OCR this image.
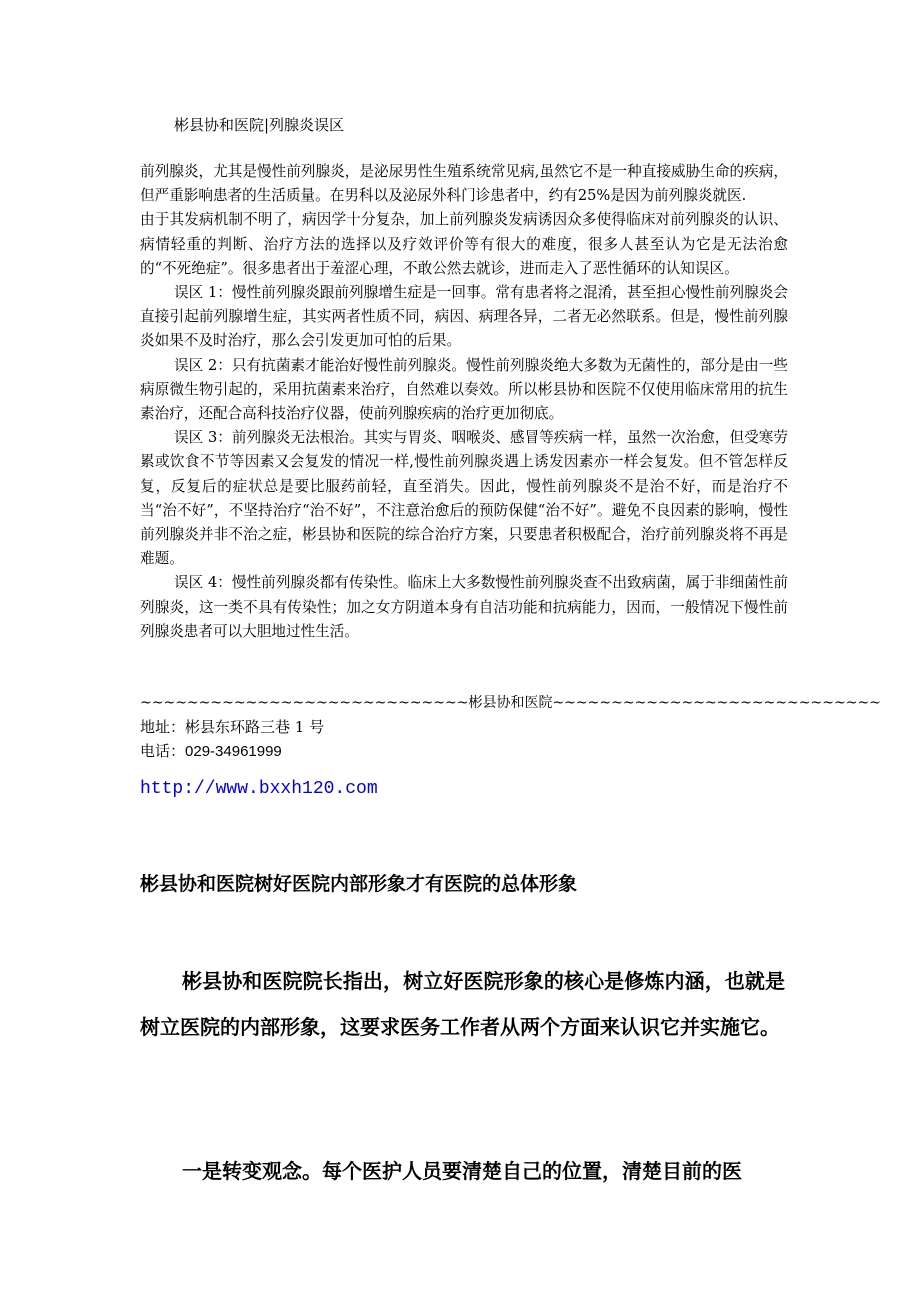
彬县协和医院|列腺炎误区

前列腺炎，尤其是慢性前列腺炎，是泌尿男性生殖系统常见病,虽然它不是一种直接威胁生命的疾病，但严重影响患者的生活质量。在男科以及泌尿外科门诊患者中，约有25%是因为前列腺炎就医.

由于其发病机制不明了，病因学十分复杂，加上前列腺炎发病诱因众多使得临床对前列腺炎的认识、病情轻重的判断、治疗方法的选择以及疗效评价等有很大的难度，很多人甚至认为它是无法治愈的“不死绝症”。很多患者出于羞涩心理，不敢公然去就诊，进而走入了恶性循环的认知误区。

误区 1：慢性前列腺炎跟前列腺增生症是一回事。常有患者将之混淆，甚至担心慢性前列腺炎会直接引起前列腺增生症，其实两者性质不同，病因、病理各异，二者无必然联系。但是，慢性前列腺炎如果不及时治疗，那么会引发更加可怕的后果。

误区 2：只有抗菌素才能治好慢性前列腺炎。慢性前列腺炎绝大多数为无菌性的，部分是由一些病原微生物引起的，采用抗菌素来治疗，自然难以奏效。所以彬县协和医院不仅使用临床常用的抗生素治疗，还配合高科技治疗仪器，使前列腺疾病的治疗更加彻底。

误区 3：前列腺炎无法根治。其实与胃炎、咽喉炎、感冒等疾病一样，虽然一次治愈，但受寒劳累或饮食不节等因素又会复发的情况一样,慢性前列腺炎遇上诱发因素亦一样会复发。但不管怎样反复，反复后的症状总是要比服药前轻，直至消失。因此，慢性前列腺炎不是治不好，而是治疗不当“治不好”，不坚持治疗“治不好”，不注意治愈后的预防保健“治不好”。避免不良因素的影响，慢性前列腺炎并非不治之症，彬县协和医院的综合治疗方案，只要患者积极配合，治疗前列腺炎将不再是难题。

误区 4：慢性前列腺炎都有传染性。临床上大多数慢性前列腺炎查不出致病菌，属于非细菌性前列腺炎，这一类不具有传染性；加之女方阴道本身有自洁功能和抗病能力，因而，一般情况下慢性前列腺炎患者可以大胆地过性生活。

~~~~~~~~~~~~~~~~~~~~~~~~~~~~彬县协和医院~~~~~~~~~~~~~~~~~~~~~~~~~~~~
地址：彬县东环路三巷 1 号
电话：029-34961999
http://www.bxxh120.com
彬县协和医院树好医院内部形象才有医院的总体形象

彬县协和医院院长指出，树立好医院形象的核心是修炼内涵，也就是树立医院的内部形象，这要求医务工作者从两个方面来认识它并实施它。

一是转变观念。每个医护人员要清楚自己的位置，清楚目前的医
